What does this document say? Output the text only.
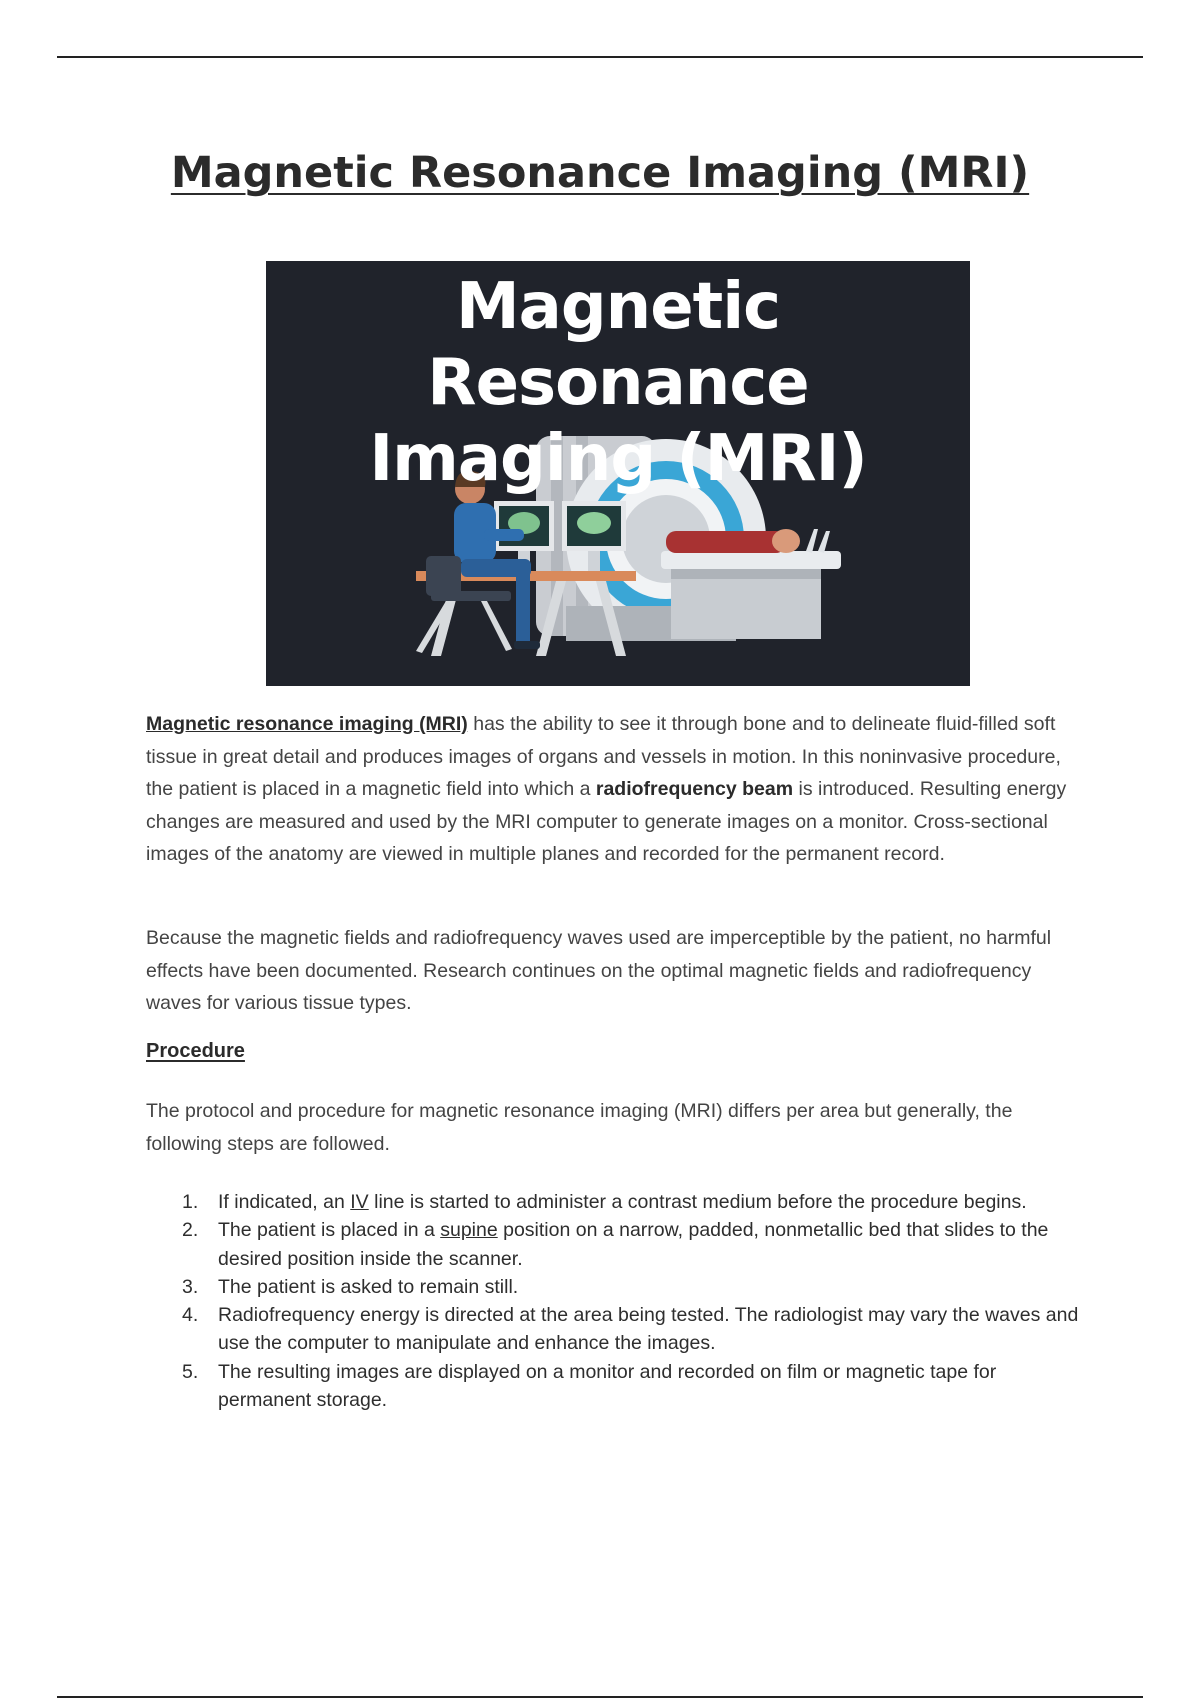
Magnetic Resonance Imaging (MRI)
Magnetic Resonance
Imaging (MRI)
Magnetic resonance imaging (MRI) has the ability to see it through bone and to delineate fluid-filled soft tissue in great detail and produces images of organs and vessels in motion. In this noninvasive procedure, the patient is placed in a magnetic field into which a radiofrequency beam is introduced. Resulting energy changes are measured and used by the MRI computer to generate images on a monitor. Cross-sectional images of the anatomy are viewed in multiple planes and recorded for the permanent record.
Because the magnetic fields and radiofrequency waves used are imperceptible by the patient, no harmful effects have been documented. Research continues on the optimal magnetic fields and radiofrequency waves for various tissue types.
Procedure
The protocol and procedure for magnetic resonance imaging (MRI) differs per area but generally, the following steps are followed.
1. If indicated, an IV line is started to administer a contrast medium before the procedure begins.
2. The patient is placed in a supine position on a narrow, padded, nonmetallic bed that slides to the desired position inside the scanner.
3. The patient is asked to remain still.
4. Radiofrequency energy is directed at the area being tested. The radiologist may vary the waves and use the computer to manipulate and enhance the images.
5. The resulting images are displayed on a monitor and recorded on film or magnetic tape for permanent storage.
